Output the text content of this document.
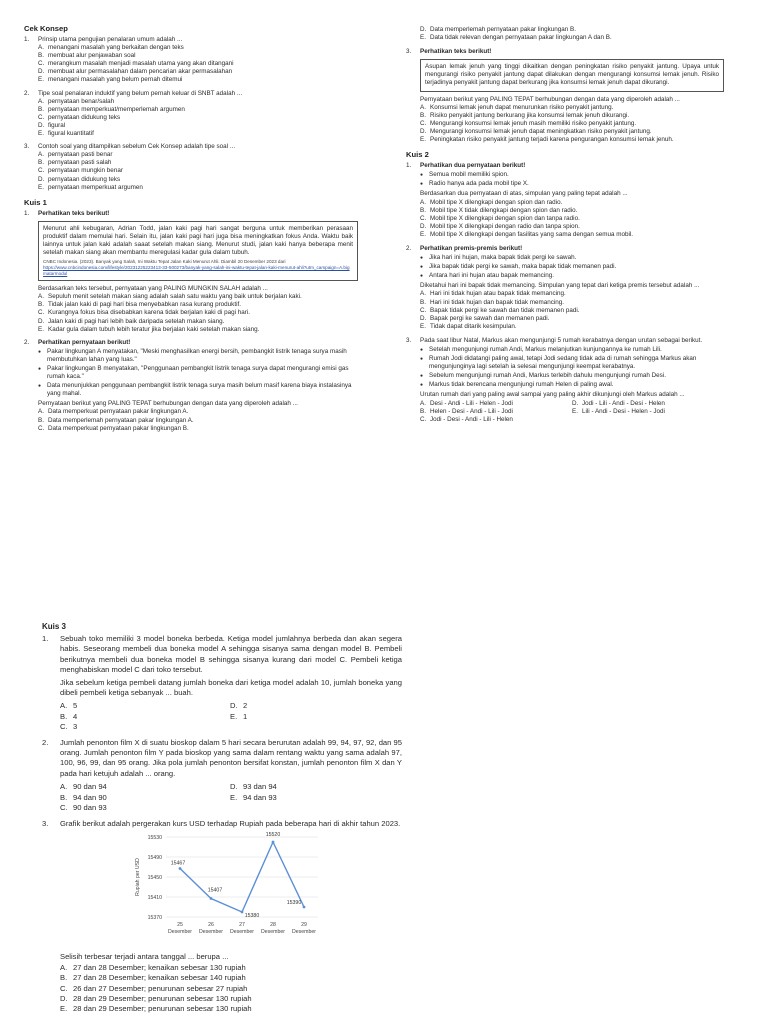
Cek Konsep
1.	Prinsip utama pengujian penalaran umum adalah ...
A. menangani masalah yang berkaitan dengan teks
B. membuat alur penjawaban soal
C. merangkum masalah menjadi masalah utama yang akan ditangani
D. membuat alur permasalahan dalam pencarian akar permasalahan
E. menangani masalah yang belum pernah ditemui
2.	Tipe soal penalaran induktif yang belum pernah keluar di SNBT adalah ...
A. pernyataan benar/salah
B. pernyataan memperkuat/memperlemah argumen
C. pernyataan didukung teks
D. figural
E. figural kuantitatif
3.	Contoh soal yang ditampilkan sebelum Cek Konsep adalah tipe soal ...
A. pernyataan pasti benar
B. pernyataan pasti salah
C. pernyataan mungkin benar
D. pernyataan didukung teks
E. pernyataan memperkuat argumen
Kuis 1
1.	Perhatikan teks berikut!
Menurut ahli kebugaran, Adrian Todd, jalan kaki pagi hari sangat bergunа untuk memberikan perasaan produktif dalam memulai hari. Selain itu, jalan kaki pagi hari juga bisa meningkatkan fokus Anda. Waktu baik lainnya untuk jalan kaki adalah saaat setelah makan siang. Menurut studi, jalan kaki hanya beberapa menit setelah makan siang akan membantu meregulasi kadar gula dalam tubuh.
CNBC Indonesia. (2023). Banyak yang Salah, Ini Waktu Tepat Jalan Kaki Menurut Ahli. Diambil 20 Desember 2023 dari
https://www.cnbcindonesia.com/lifestyle/20231225223413-33-500273/banyak-yang-salah-ini-waktu-tepat-jalan-kaki-menurut-ahli?utm_campaign=A.bigmatarmodul
Berdasarkan teks tersebut, pernyataan yang PALING MUNGKIN SALAH adalah ...
A. Sepuluh menit setelah makan siang adalah salah satu waktu yang baik untuk berjalan kaki.
B. Tidak jalan kaki di pagi hari bisa menyebabkan rasa kurang produktif.
C. Kurangnya fokus bisa disebabkan karena tidak berjalan kaki di pagi hari.
D. Jalan kaki di pagi hari lebih baik daripada setelah makan siang.
E. Kadar gula dalam tubuh lebih teratur jika berjalan kaki setelah makan siang.
2.	Perhatikan pernyataan berikut!
● Pakar lingkungan A menyatakan, "Meski menghasilkan energi bersih, pembangkit listrik tenaga surya masih membutuhkan lahan yang luas."
● Pakar lingkungan B menyatakan, "Penggunaan pembangkit listrik tenaga surya dapat mengurangi emisi gas rumah kaca."
● Data menunjukkan penggunaan pembangkit listrik tenaga surya masih belum masif karena biaya instalasinya yang mahal.
Pernyataan berikut yang PALING TEPAT berhubungan dengan data yang diperoleh adalah ...
A. Data memperkuat pernyataan pakar lingkungan A.
B. Data memperlemah pernyataan pakar lingkungan A.
C. Data memperkuat pernyataan pakar lingkungan B.
D. Data memperlemah pernyataan pakar lingkungan B.
E. Data tidak relevan dengan pernyataan pakar lingkungan A dan B.
3.	Perhatikan teks berikut!
Asupan lemak jenuh yang tinggi dikaitkan dengan peningkatan risiko penyakit jantung. Upaya untuk mengurangi risiko penyakit jantung dapat dilakukan dengan mengurangi konsumsi lemak jenuh. Risiko terjadinya penyakit jantung dapat berkurang jika konsumsi lemak jenuh dapat dikurangi.
Pernyataan berikut yang PALING TEPAT berhubungan dengan data yang diperoleh adalah ...
A. Konsumsi lemak jenuh dapat menurunkan risiko penyakit jantung.
B. Risiko penyakit jantung berkurang jika konsumsi lemak jenuh dikurangi.
C. Mengurangi konsumsi lemak jenuh masih memiliki risiko penyakit jantung.
D. Mengurangi konsumsi lemak jenuh dapat meningkatkan risiko penyakit jantung.
E. Peningkatan risiko penyakit jantung terjadi karena pengurangan konsumsi lemak jenuh.
Kuis 2
1.	Perhatikan dua pernyataan berikut!
● Semua mobil memiliki spion.
● Radio hanya ada pada mobil tipe X.
Berdasarkan dua pernyataan di atas, simpulan yang paling tepat adalah ...
A. Mobil tipe X dilengkapi dengan spion dan radio.
B. Mobil tipe X tidak dilengkapi dengan spion dan radio.
C. Mobil tipe X dilengkapi dengan spion dan tanpa radio.
D. Mobil tipe X dilengkapi dengan radio dan tanpa spion.
E. Mobil tipe X dilengkapi dengan fasilitas yang sama dengan semua mobil.
2.	Perhatikan premis-premis berikut!
● Jika hari ini hujan, maka bapak tidak pergi ke sawah.
● Jika bapak tidak pergi ke sawah, maka bapak tidak memanen padi.
● Antara hari ini hujan atau bapak memancing.
Diketahui hari ini bapak tidak memancing. Simpulan yang tepat dari ketiga premis tersebut adalah ...
A. Hari ini tidak hujan atau bapak tidak memancing.
B. Hari ini tidak hujan dan bapak tidak memancing.
C. Bapak tidak pergi ke sawah dan tidak memanen padi.
D. Bapak pergi ke sawah dan memanen padi.
E. Tidak dapat ditarik kesimpulan.
3.	Pada saat libur Natal, Markus akan mengunjungi 5 rumah kerabatnya dengan urutan sebagai berikut.
● Setelah mengunjungi rumah Andi, Markus melanjutkan kunjungannya ke rumah Lili.
● Rumah Jodi didatangi paling awal, tetapi Jodi sedang tidak ada di rumah sehingga Markus akan mengunjunginya lagi setelah ia selesai mengunjungi keempat kerabatnya.
● Sebelum mengunjungi rumah Andi, Markus terlebih dahulu mengunjungi rumah Desi.
● Markus tidak berencana mengunjungi rumah Helen di paling awal.
Urutan rumah dari yang paling awal sampai yang paling akhir dikunjungi oleh Markus adalah ...
A. Desi - Andi - Lili - Helen - Jodi	D. Jodi - Lili - Andi - Desi - Helen
B. Helen - Desi - Andi - Lili - Jodi	E. Lili - Andi - Desi - Helen - Jodi
C. Jodi - Desi - Andi - Lili - Helen
Kuis 3
1.	Sebuah toko memiliki 3 model boneka berbeda. Ketiga model jumlahnya berbeda dan akan segera habis. Seseorang membeli dua boneka model A sehingga sisanya sama dengan model B. Pembeli berikutnya membeli dua boneka model B sehingga sisanya kurang dari model C. Pembeli ketiga menghabiskan model C dari toko tersebut.
Jika sebelum ketiga pembeli datang jumlah boneka dari ketiga model adalah 10, jumlah boneka yang dibeli pembeli ketiga sebanyak ... buah.
A. 5	D. 2
B. 4	E. 1
C. 3
2.	Jumlah penonton film X di suatu bioskop dalam 5 hari secara berurutan adalah 99, 94, 97, 92, dan 95 orang. Jumlah penonton film Y pada bioskop yang sama dalam rentang waktu yang sama adalah 97, 100, 96, 99, dan 95 orang. Jika pola jumlah penonton bersifat konstan, jumlah penonton film X dan Y pada hari ketujuh adalah ... orang.
A. 90 dan 94	D. 93 dan 94
B. 94 dan 90	E. 94 dan 93
C. 90 dan 93
3.	Grafik berikut adalah pergerakan kurs USD terhadap Rupiah pada beberapa hari di akhir tahun 2023.
15370
15410
15450
15490
15530
Rupiah per USD	15467
25
Desember
15407
26
Desember
15380
27
Desember
15520
28
Desember
15390
29
Desember
Selisih terbesar terjadi antara tanggal ... berupa ...
A. 27 dan 28 Desember; kenaikan sebesar 130 rupiah
B. 27 dan 28 Desember; kenaikan sebesar 140 rupiah
C. 26 dan 27 Desember; penurunan sebesar 27 rupiah
D. 28 dan 29 Desember; penurunan sebesar 130 rupiah
E. 28 dan 29 Desember; penurunan sebesar 130 rupiah
